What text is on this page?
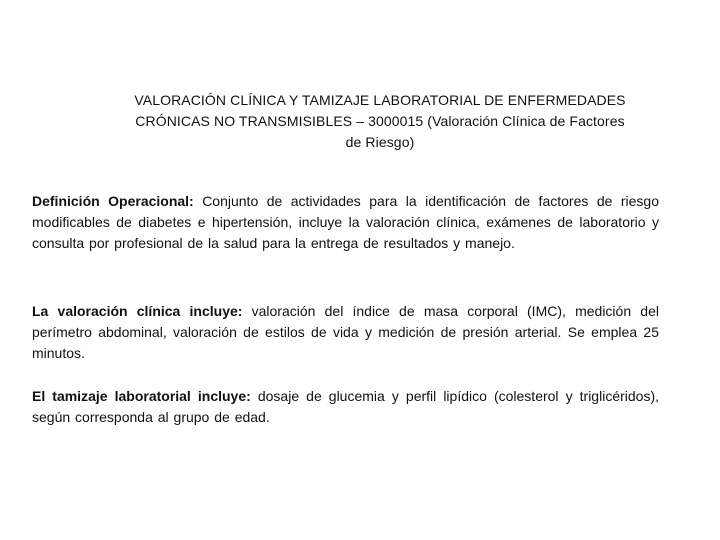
VALORACIÓN CLÍNICA Y TAMIZAJE LABORATORIAL DE ENFERMEDADES
CRÓNICAS NO TRANSMISIBLES – 3000015 (Valoración Clínica de Factores
de Riesgo)
Definición Operacional: Conjunto de actividades para la identificación de factores de riesgo modificables de diabetes e hipertensión, incluye la valoración clínica, exámenes de laboratorio y consulta por profesional de la salud para la entrega de resultados y manejo.
La valoración clínica incluye: valoración del índice de masa corporal (IMC), medición del perímetro abdominal, valoración de estilos de vida y medición de presión arterial. Se emplea 25 minutos.
El tamizaje laboratorial incluye: dosaje de glucemia y perfil lipídico (colesterol y triglicéridos), según corresponda al grupo de edad.
